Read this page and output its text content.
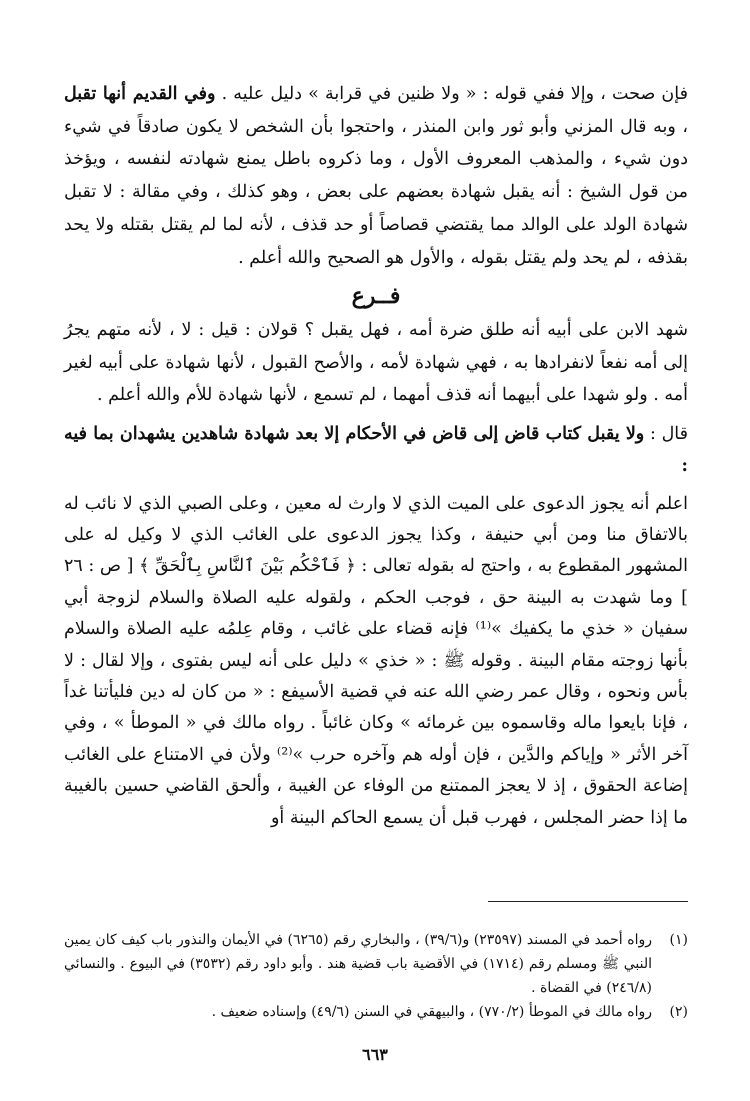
فإن صحت ، وإلا ففي قوله : « ولا ظنين في قرابة » دليل عليه . وفي القديم أنها تقبل ، وبه قال المزني وأبو ثور وابن المنذر ، واحتجوا بأن الشخص لا يكون صادقاً في شيء دون شيء ، والمذهب المعروف الأول ، وما ذكروه باطل يمنع شهادته لنفسه ، ويؤخذ من قول الشيخ : أنه يقبل شهادة بعضهم على بعض ، وهو كذلك ، وفي مقالة : لا تقبل شهادة الولد على الوالد مما يقتضي قصاصاً أو حد قذف ، لأنه لما لم يقتل بقتله ولا يحد بقذفه ، لم يحد ولم يقتل بقوله ، والأول هو الصحيح والله أعلم .

فــرع

شهد الابن على أبيه أنه طلق ضرة أمه ، فهل يقبل ؟ قولان : قيل : لا ، لأنه متهم يجرُ إلى أمه نفعاً لانفرادها به ، فهي شهادة لأمه ، والأصح القبول ، لأنها شهادة على أبيه لغير أمه . ولو شهدا على أبيهما أنه قذف أمهما ، لم تسمع ، لأنها شهادة للأم والله أعلم .

قال : ولا يقبل كتاب قاض إلى قاض في الأحكام إلا بعد شهادة شاهدين يشهدان بما فيه :

اعلم أنه يجوز الدعوى على الميت الذي لا وارث له معين ، وعلى الصبي الذي لا نائب له بالاتفاق منا ومن أبي حنيفة ، وكذا يجوز الدعوى على الغائب الذي لا وكيل له على المشهور المقطوع به ، واحتج له بقوله تعالى : ﴿ فَٱحْكُم بَيْنَ ٱلنَّاسِ بِٱلْحَقِّ ﴾ [ ص : ٢٦ ] وما شهدت به البينة حق ، فوجب الحكم ، ولقوله عليه الصلاة والسلام لزوجة أبي سفيان « خذي ما يكفيك »⁽¹⁾ فإنه قضاء على غائب ، وقام عِلمُه عليه الصلاة والسلام بأنها زوجته مقام البينة . وقوله ﷺ : « خذي » دليل على أنه ليس بفتوى ، وإلا لقال : لا بأس ونحوه ، وقال عمر رضي الله عنه في قضية الأسيفع : « من كان له دين فليأتنا غداً ، فإنا بايعوا ماله وقاسموه بين غرمائه » وكان غائباً . رواه مالك في « الموطأ » ، وفي آخر الأثر « وإياكم والدَّين ، فإن أوله هم وآخره حرب »⁽²⁾ ولأن في الامتناع على الغائب إضاعة الحقوق ، إذ لا يعجز الممتنع من الوفاء عن الغيبة ، وألحق القاضي حسين بالغيبة ما إذا حضر المجلس ، فهرب قبل أن يسمع الحاكم البينة أو

(١)
رواه أحمد في المسند (٢٣٥٩٧) و(٣٩/٦) ، والبخاري رقم (٦٢٦٥) في الأيمان والنذور باب كيف كان يمين النبي ﷺ ومسلم رقم (١٧١٤) في الأقضية باب قضية هند . وأبو داود رقم (٣٥٣٢) في البيوع . والنسائي (٢٤٦/٨) في القضاة .
(٢)
رواه مالك في الموطأ (٧٧٠/٢) ، والبيهقي في السنن (٤٩/٦) وإسناده ضعيف .
٦٦٣
